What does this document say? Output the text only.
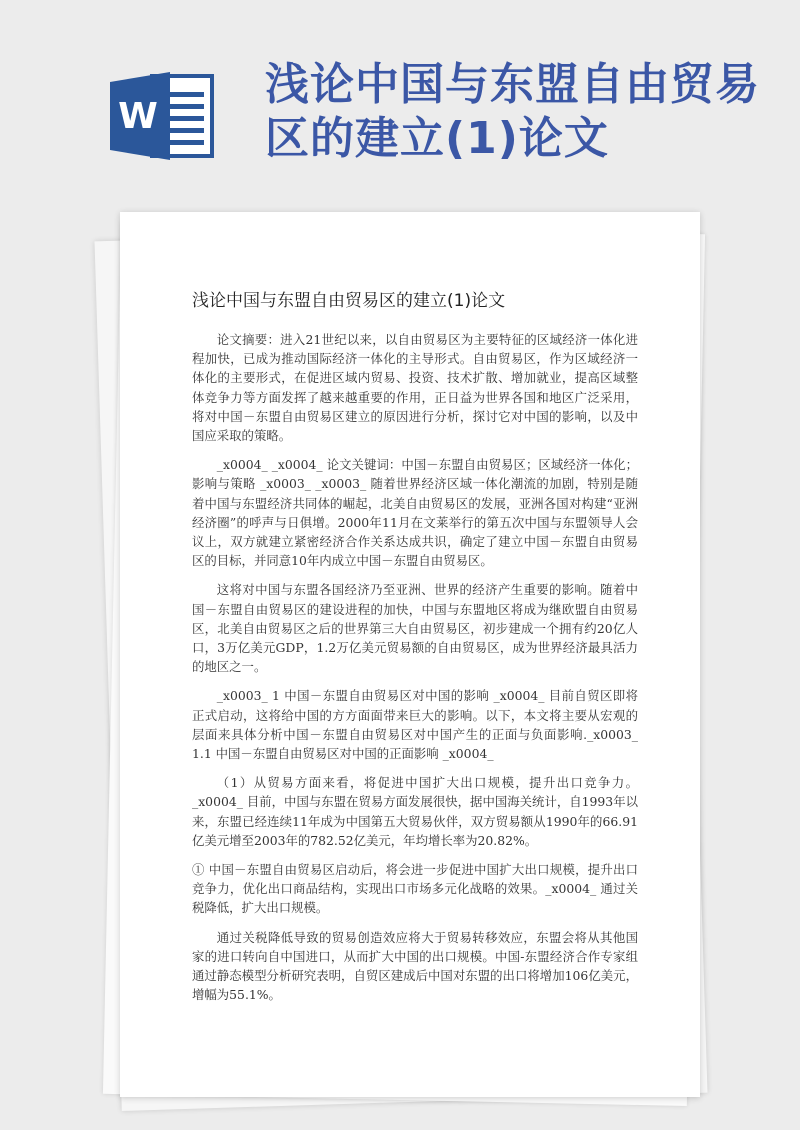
W
浅论中国与东盟自由贸易区的建立(1)论文
浅论中国与东盟自由贸易区的建立(1)论文

论文摘要：进入21世纪以来，以自由贸易区为主要特征的区域经济一体化进程加快，已成为推动国际经济一体化的主导形式。自由贸易区，作为区域经济一体化的主要形式，在促进区域内贸易、投资、技术扩散、增加就业，提高区域整体竞争力等方面发挥了越来越重要的作用，正日益为世界各国和地区广泛采用，将对中国－东盟自由贸易区建立的原因进行分析，探讨它对中国的影响，以及中国应采取的策略。

_x0004_ _x0004_ 论文关键词：中国－东盟自由贸易区；区域经济一体化；影响与策略 _x0003_ _x0003_ 随着世界经济区域一体化潮流的加剧，特别是随着中国与东盟经济共同体的崛起，北美自由贸易区的发展，亚洲各国对构建“亚洲经济圈”的呼声与日俱增。2000年11月在文莱举行的第五次中国与东盟领导人会议上，双方就建立紧密经济合作关系达成共识，确定了建立中国－东盟自由贸易区的目标，并同意10年内成立中国－东盟自由贸易区。

这将对中国与东盟各国经济乃至亚洲、世界的经济产生重要的影响。随着中国－东盟自由贸易区的建设进程的加快，中国与东盟地区将成为继欧盟自由贸易区，北美自由贸易区之后的世界第三大自由贸易区，初步建成一个拥有约20亿人口，3万亿美元GDP，1.2万亿美元贸易额的自由贸易区，成为世界经济最具活力的地区之一。

_x0003_ 1 中国－东盟自由贸易区对中国的影响 _x0004_ 目前自贸区即将正式启动，这将给中国的方方面面带来巨大的影响。以下，本文将主要从宏观的层面来具体分析中国－东盟自由贸易区对中国产生的正面与负面影响._x0003_ 1.1 中国－东盟自由贸易区对中国的正面影响 _x0004_

（1）从贸易方面来看，将促进中国扩大出口规模，提升出口竞争力。_x0004_ 目前，中国与东盟在贸易方面发展很快，据中国海关统计，自1993年以来，东盟已经连续11年成为中国第五大贸易伙伴，双方贸易额从1990年的66.91亿美元增至2003年的782.52亿美元，年均增长率为20.82%。

① 中国－东盟自由贸易区启动后，将会进一步促进中国扩大出口规模，提升出口竞争力，优化出口商品结构，实现出口市场多元化战略的效果。_x0004_ 通过关税降低，扩大出口规模。

通过关税降低导致的贸易创造效应将大于贸易转移效应，东盟会将从其他国家的进口转向自中国进口，从而扩大中国的出口规模。中国-东盟经济合作专家组通过静态模型分析研究表明，自贸区建成后中国对东盟的出口将增加106亿美元，增幅为55.1%。
